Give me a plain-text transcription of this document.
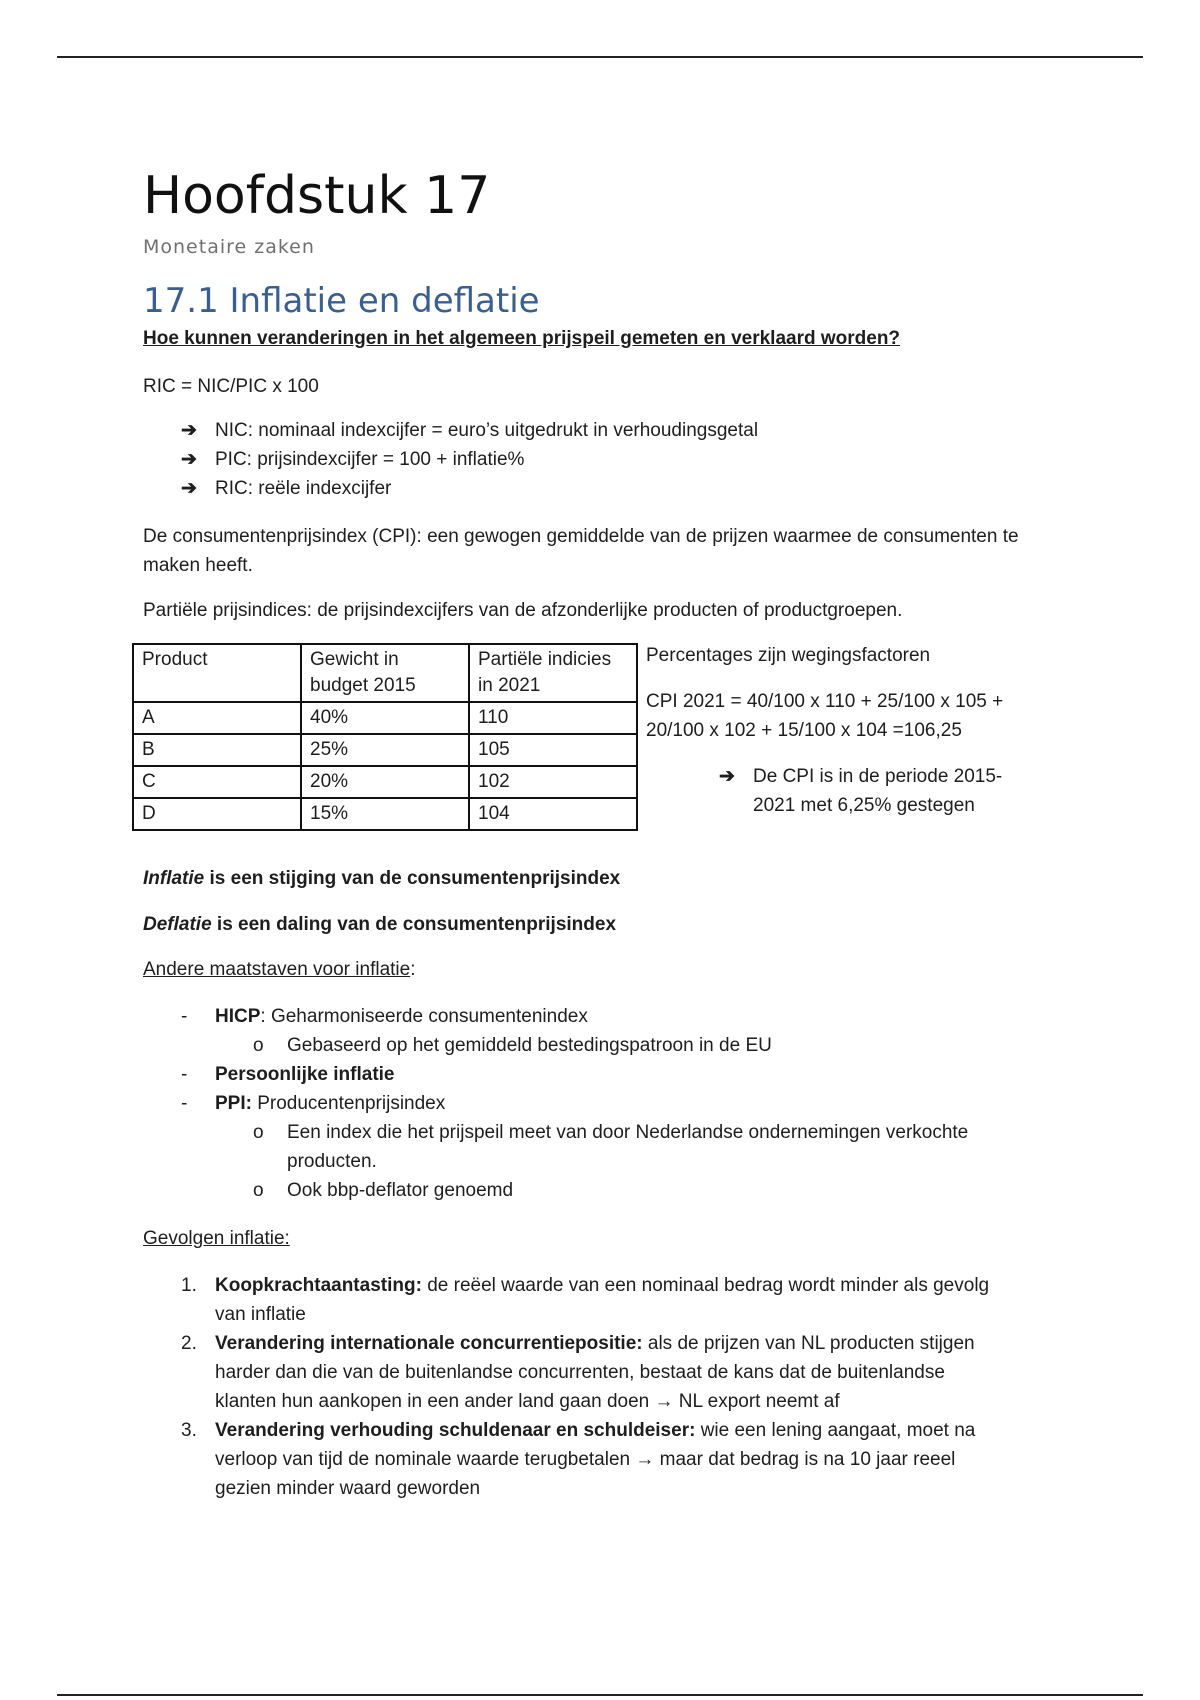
Hoofdstuk 17
Monetaire zaken
17.1 Inflatie en deflatie
Hoe kunnen veranderingen in het algemeen prijspeil gemeten en verklaard worden?
RIC = NIC/PIC x 100
➔ NIC: nominaal indexcijfer = euro’s uitgedrukt in verhoudingsgetal
➔ PIC: prijsindexcijfer = 100 + inflatie%
➔ RIC: reële indexcijfer
De consumentenprijsindex (CPI): een gewogen gemiddelde van de prijzen waarmee de consumenten te maken heeft.
Partiële prijsindices: de prijsindexcijfers van de afzonderlijke producten of productgroepen.
Product	Gewicht in budget 2015	Partiële indicies in 2021
A	40%	110
B	25%	105
C	20%	102
D	15%	104
Percentages zijn wegingsfactoren
CPI 2021 = 40/100 x 110 + 25/100 x 105 +
20/100 x 102 + 15/100 x 104 =106,25
➔ De CPI is in de periode 2015-
2021 met 6,25% gestegen
Inflatie is een stijging van de consumentenprijsindex
Deflatie is een daling van de consumentenprijsindex
Andere maatstaven voor inflatie:
- HICP: Geharmoniseerde consumentenindex
o Gebaseerd op het gemiddeld bestedingspatroon in de EU
- Persoonlijke inflatie
- PPI: Producentenprijsindex
o Een index die het prijspeil meet van door Nederlandse ondernemingen verkochte
producten.
o Ook bbp-deflator genoemd
Gevolgen inflatie:
1. Koopkrachtaantasting: de reëel waarde van een nominaal bedrag wordt minder als gevolg
van inflatie
2. Verandering internationale concurrentiepositie: als de prijzen van NL producten stijgen
harder dan die van de buitenlandse concurrenten, bestaat de kans dat de buitenlandse
klanten hun aankopen in een ander land gaan doen → NL export neemt af
3. Verandering verhouding schuldenaar en schuldeiser: wie een lening aangaat, moet na
verloop van tijd de nominale waarde terugbetalen → maar dat bedrag is na 10 jaar reeel
gezien minder waard geworden
